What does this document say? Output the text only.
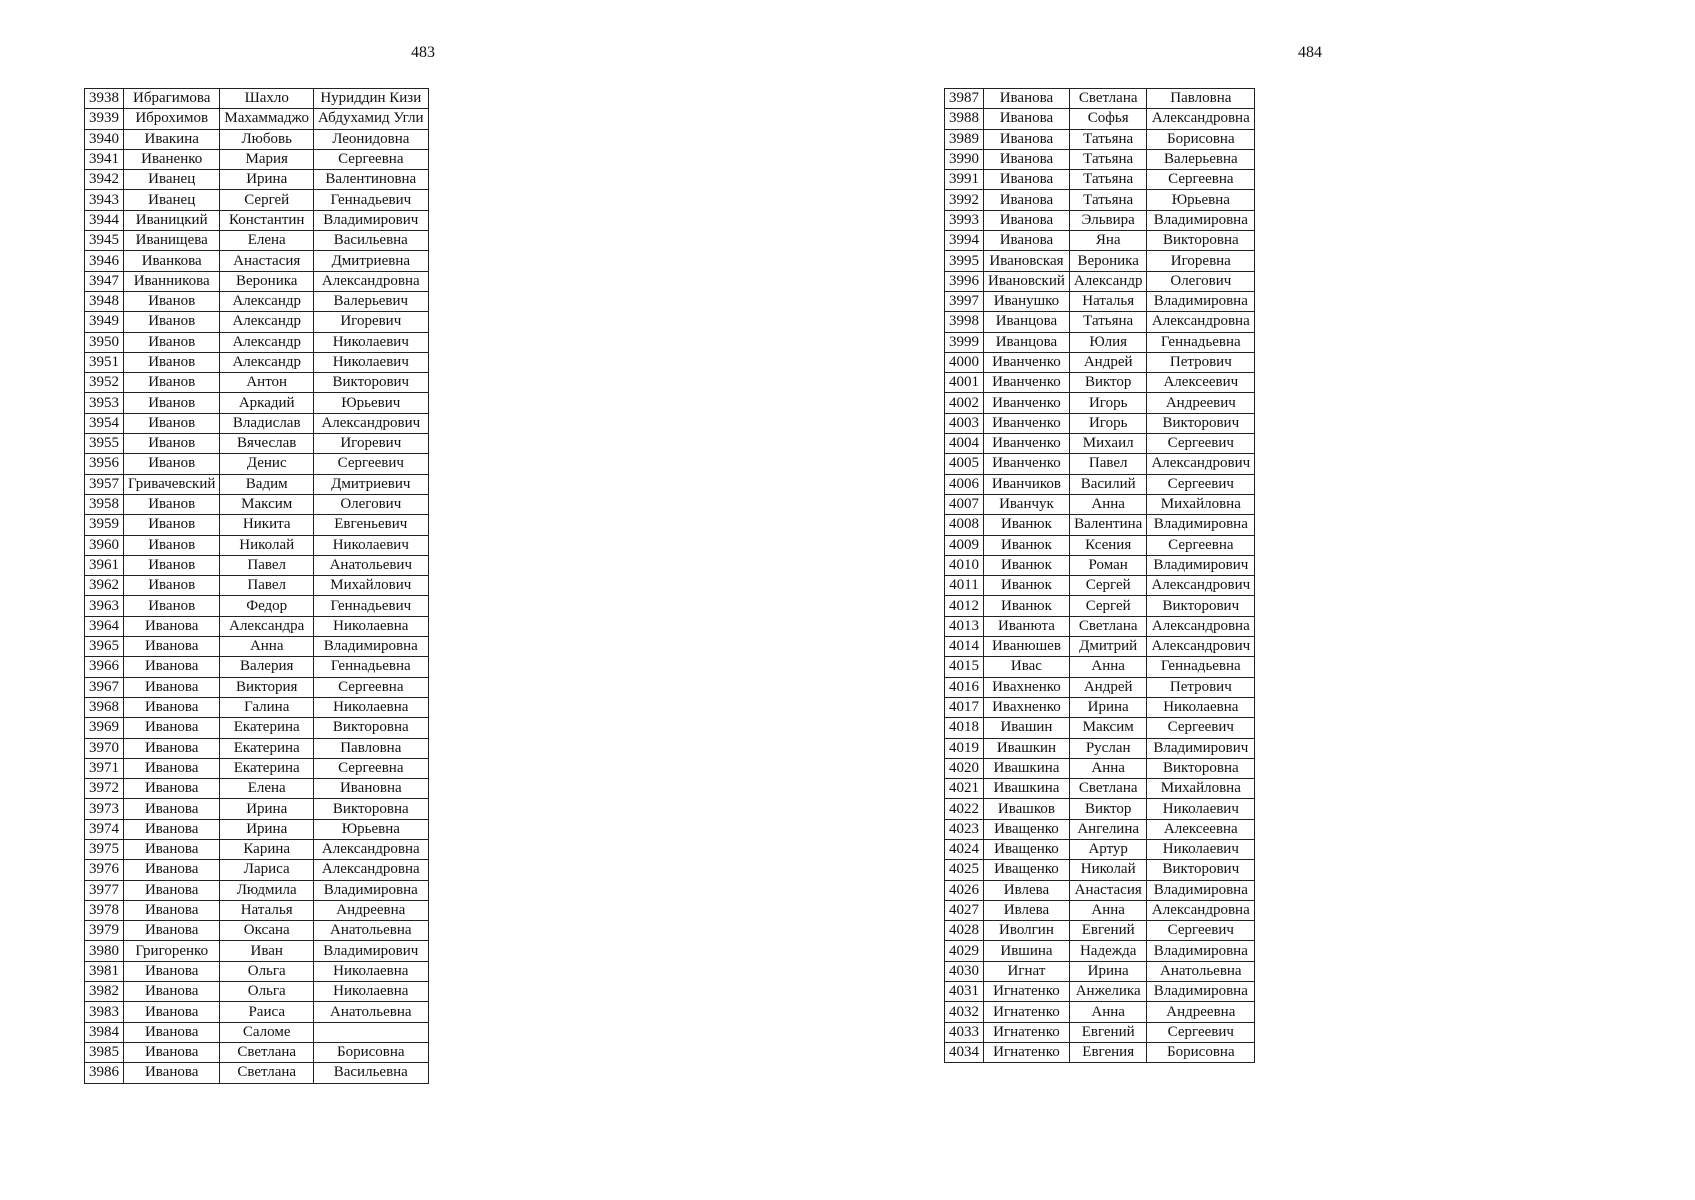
483
3938	Ибрагимова	Шахло	Нуриддин Кизи
3939	Иброхимов	Махаммаджо	Абдухамид Угли
3940	Ивакина	Любовь	Леонидовна
3941	Иваненко	Мария	Сергеевна
3942	Иванец	Ирина	Валентиновна
3943	Иванец	Сергей	Геннадьевич
3944	Иваницкий	Константин	Владимирович
3945	Иванищева	Елена	Васильевна
3946	Иванкова	Анастасия	Дмитриевна
3947	Иванникова	Вероника	Александровна
3948	Иванов	Александр	Валерьевич
3949	Иванов	Александр	Игоревич
3950	Иванов	Александр	Николаевич
3951	Иванов	Александр	Николаевич
3952	Иванов	Антон	Викторович
3953	Иванов	Аркадий	Юрьевич
3954	Иванов	Владислав	Александрович
3955	Иванов	Вячеслав	Игоревич
3956	Иванов	Денис	Сергеевич
3957	Гривачевский	Вадим	Дмитриевич
3958	Иванов	Максим	Олегович
3959	Иванов	Никита	Евгеньевич
3960	Иванов	Николай	Николаевич
3961	Иванов	Павел	Анатольевич
3962	Иванов	Павел	Михайлович
3963	Иванов	Федор	Геннадьевич
3964	Иванова	Александра	Николаевна
3965	Иванова	Анна	Владимировна
3966	Иванова	Валерия	Геннадьевна
3967	Иванова	Виктория	Сергеевна
3968	Иванова	Галина	Николаевна
3969	Иванова	Екатерина	Викторовна
3970	Иванова	Екатерина	Павловна
3971	Иванова	Екатерина	Сергеевна
3972	Иванова	Елена	Ивановна
3973	Иванова	Ирина	Викторовна
3974	Иванова	Ирина	Юрьевна
3975	Иванова	Карина	Александровна
3976	Иванова	Лариса	Александровна
3977	Иванова	Людмила	Владимировна
3978	Иванова	Наталья	Андреевна
3979	Иванова	Оксана	Анатольевна
3980	Григоренко	Иван	Владимирович
3981	Иванова	Ольга	Николаевна
3982	Иванова	Ольга	Николаевна
3983	Иванова	Раиса	Анатольевна
3984	Иванова	Саломе	
3985	Иванова	Светлана	Борисовна
3986	Иванова	Светлана	Васильевна
484
3987	Иванова	Светлана	Павловна
3988	Иванова	Софья	Александровна
3989	Иванова	Татьяна	Борисовна
3990	Иванова	Татьяна	Валерьевна
3991	Иванова	Татьяна	Сергеевна
3992	Иванова	Татьяна	Юрьевна
3993	Иванова	Эльвира	Владимировна
3994	Иванова	Яна	Викторовна
3995	Ивановская	Вероника	Игоревна
3996	Ивановский	Александр	Олегович
3997	Иванушко	Наталья	Владимировна
3998	Иванцова	Татьяна	Александровна
3999	Иванцова	Юлия	Геннадьевна
4000	Иванченко	Андрей	Петрович
4001	Иванченко	Виктор	Алексеевич
4002	Иванченко	Игорь	Андреевич
4003	Иванченко	Игорь	Викторович
4004	Иванченко	Михаил	Сергеевич
4005	Иванченко	Павел	Александрович
4006	Иванчиков	Василий	Сергеевич
4007	Иванчук	Анна	Михайловна
4008	Иванюк	Валентина	Владимировна
4009	Иванюк	Ксения	Сергеевна
4010	Иванюк	Роман	Владимирович
4011	Иванюк	Сергей	Александрович
4012	Иванюк	Сергей	Викторович
4013	Иванюта	Светлана	Александровна
4014	Иванюшев	Дмитрий	Александрович
4015	Ивас	Анна	Геннадьевна
4016	Ивахненко	Андрей	Петрович
4017	Ивахненко	Ирина	Николаевна
4018	Ивашин	Максим	Сергеевич
4019	Ивашкин	Руслан	Владимирович
4020	Ивашкина	Анна	Викторовна
4021	Ивашкина	Светлана	Михайловна
4022	Ивашков	Виктор	Николаевич
4023	Иващенко	Ангелина	Алексеевна
4024	Иващенко	Артур	Николаевич
4025	Иващенко	Николай	Викторович
4026	Ивлева	Анастасия	Владимировна
4027	Ивлева	Анна	Александровна
4028	Иволгин	Евгений	Сергеевич
4029	Ившина	Надежда	Владимировна
4030	Игнат	Ирина	Анатольевна
4031	Игнатенко	Анжелика	Владимировна
4032	Игнатенко	Анна	Андреевна
4033	Игнатенко	Евгений	Сергеевич
4034	Игнатенко	Евгения	Борисовна
